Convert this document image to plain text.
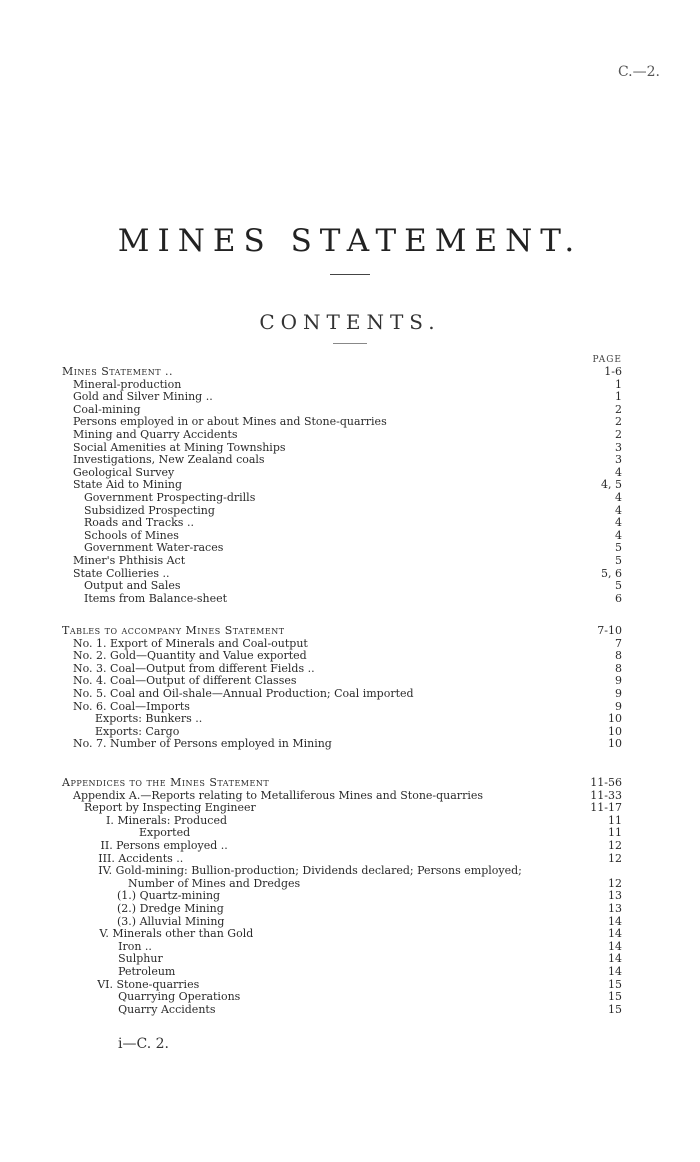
C.—2.
MINES STATEMENT.
CONTENTS.
PAGE
Mines Statement ..	1-6
Mineral-production	1
Gold and Silver Mining ..	1
Coal-mining	2
Persons employed in or about Mines and Stone-quarries	2
Mining and Quarry Accidents	2
Social Amenities at Mining Townships	3
Investigations, New Zealand coals	3
Geological Survey	4
State Aid to Mining	4, 5
Government Prospecting-drills	4
Subsidized Prospecting	4
Roads and Tracks ..	4
Schools of Mines	4
Government Water-races	5
Miner's Phthisis Act	5
State Collieries ..	5, 6
Output and Sales	5
Items from Balance-sheet	6
Tables to accompany Mines Statement	7-10
No. 1. Export of Minerals and Coal-output	7
No. 2. Gold—Quantity and Value exported	8
No. 3. Coal—Output from different Fields ..	8
No. 4. Coal—Output of different Classes	9
No. 5. Coal and Oil-shale—Annual Production; Coal imported	9
No. 6. Coal—Imports	9
Exports: Bunkers ..	10
Exports: Cargo	10
No. 7. Number of Persons employed in Mining	10
Appendices to the Mines Statement	11-56
Appendix A.—Reports relating to Metalliferous Mines and Stone-quarries	11-33
Report by Inspecting Engineer	11-17
I. Minerals: Produced	11
Exported	11
II. Persons employed ..	12
III. Accidents ..	12
IV. Gold-mining: Bullion-production; Dividends declared; Persons employed;
Number of Mines and Dredges	12
(1.) Quartz-mining	13
(2.) Dredge Mining	13
(3.) Alluvial Mining	14
V. Minerals other than Gold	14
Iron ..	14
Sulphur	14
Petroleum	14
VI. Stone-quarries	15
Quarrying Operations	15
Quarry Accidents	15
i—C. 2.
